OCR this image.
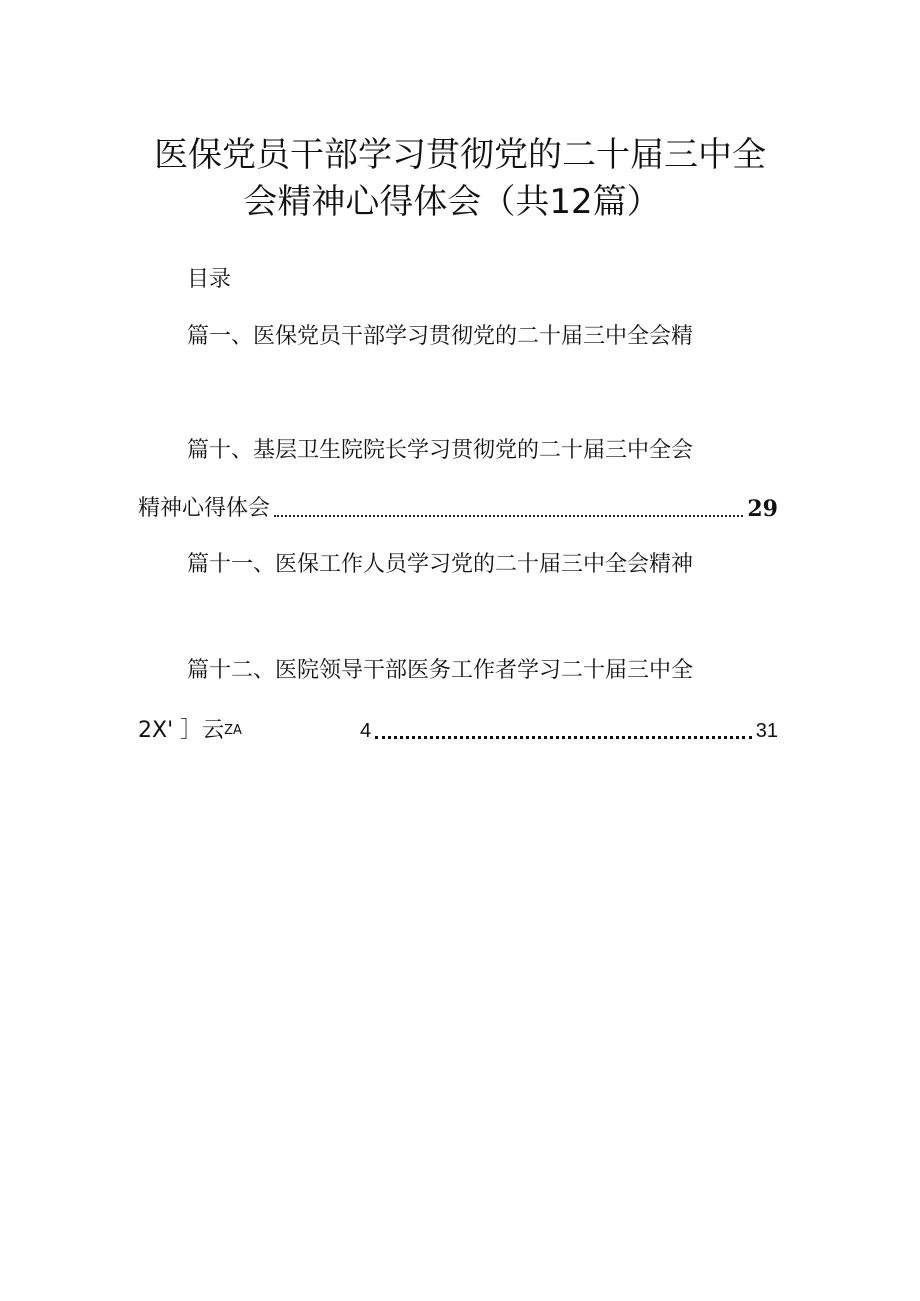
医保党员干部学习贯彻党的二十届三中全
会精神心得体会（共12篇）
目录
篇一、医保党员干部学习贯彻党的二十届三中全会精
篇十、基层卫生院院长学习贯彻党的二十届三中全会
精神心得体会	29
篇十一、医保工作人员学习党的二十届三中全会精神
篇十二、医院领导干部医务工作者学习二十届三中全
2X' ］云 ZA	4	31
